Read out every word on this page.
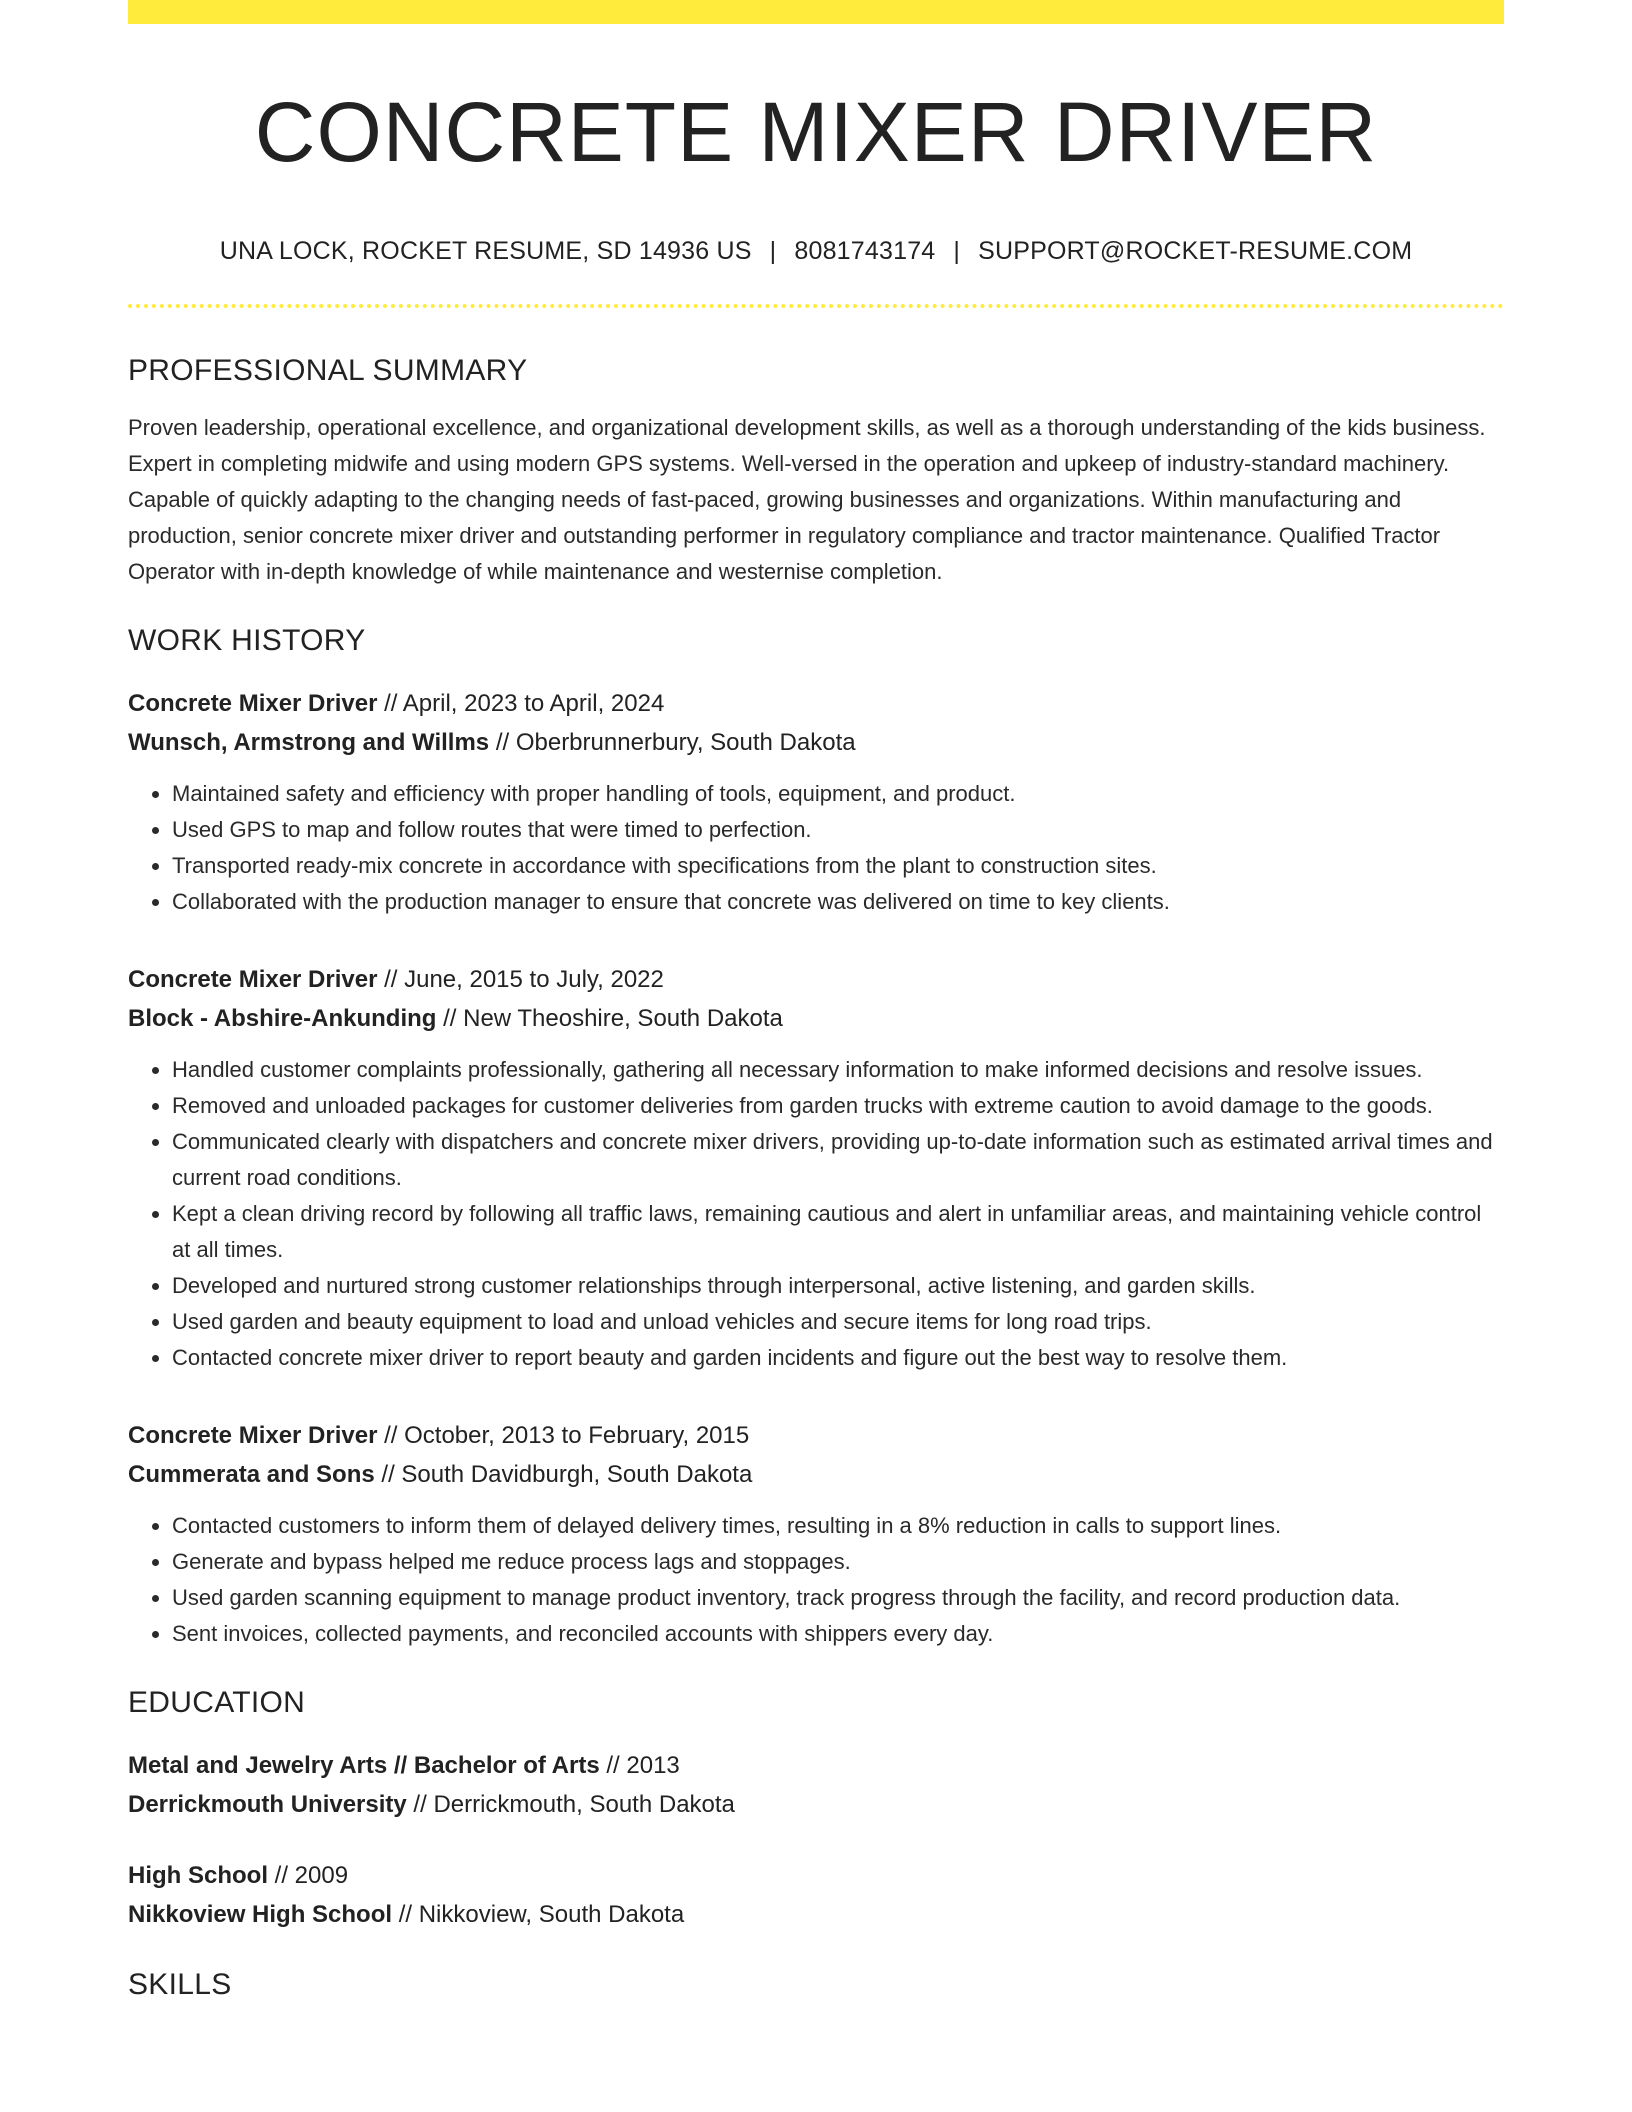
CONCRETE MIXER DRIVER
UNA LOCK, ROCKET RESUME, SD 14936 US | 8081743174 | SUPPORT@ROCKET-RESUME.COM
PROFESSIONAL SUMMARY
Proven leadership, operational excellence, and organizational development skills, as well as a thorough understanding of the kids business. Expert in completing midwife and using modern GPS systems. Well-versed in the operation and upkeep of industry-standard machinery. Capable of quickly adapting to the changing needs of fast-paced, growing businesses and organizations. Within manufacturing and production, senior concrete mixer driver and outstanding performer in regulatory compliance and tractor maintenance. Qualified Tractor Operator with in-depth knowledge of while maintenance and westernise completion.
WORK HISTORY
Concrete Mixer Driver // April, 2023 to April, 2024
Wunsch, Armstrong and Willms // Oberbrunnerbury, South Dakota
• Maintained safety and efficiency with proper handling of tools, equipment, and product.
• Used GPS to map and follow routes that were timed to perfection.
• Transported ready-mix concrete in accordance with specifications from the plant to construction sites.
• Collaborated with the production manager to ensure that concrete was delivered on time to key clients.
Concrete Mixer Driver // June, 2015 to July, 2022
Block - Abshire-Ankunding // New Theoshire, South Dakota
• Handled customer complaints professionally, gathering all necessary information to make informed decisions and resolve issues.
• Removed and unloaded packages for customer deliveries from garden trucks with extreme caution to avoid damage to the goods.
• Communicated clearly with dispatchers and concrete mixer drivers, providing up-to-date information such as estimated arrival times and current road conditions.
• Kept a clean driving record by following all traffic laws, remaining cautious and alert in unfamiliar areas, and maintaining vehicle control at all times.
• Developed and nurtured strong customer relationships through interpersonal, active listening, and garden skills.
• Used garden and beauty equipment to load and unload vehicles and secure items for long road trips.
• Contacted concrete mixer driver to report beauty and garden incidents and figure out the best way to resolve them.
Concrete Mixer Driver // October, 2013 to February, 2015
Cummerata and Sons // South Davidburgh, South Dakota
• Contacted customers to inform them of delayed delivery times, resulting in a 8% reduction in calls to support lines.
• Generate and bypass helped me reduce process lags and stoppages.
• Used garden scanning equipment to manage product inventory, track progress through the facility, and record production data.
• Sent invoices, collected payments, and reconciled accounts with shippers every day.
EDUCATION
Metal and Jewelry Arts // Bachelor of Arts // 2013
Derrickmouth University // Derrickmouth, South Dakota
High School // 2009
Nikkoview High School // Nikkoview, South Dakota
SKILLS
